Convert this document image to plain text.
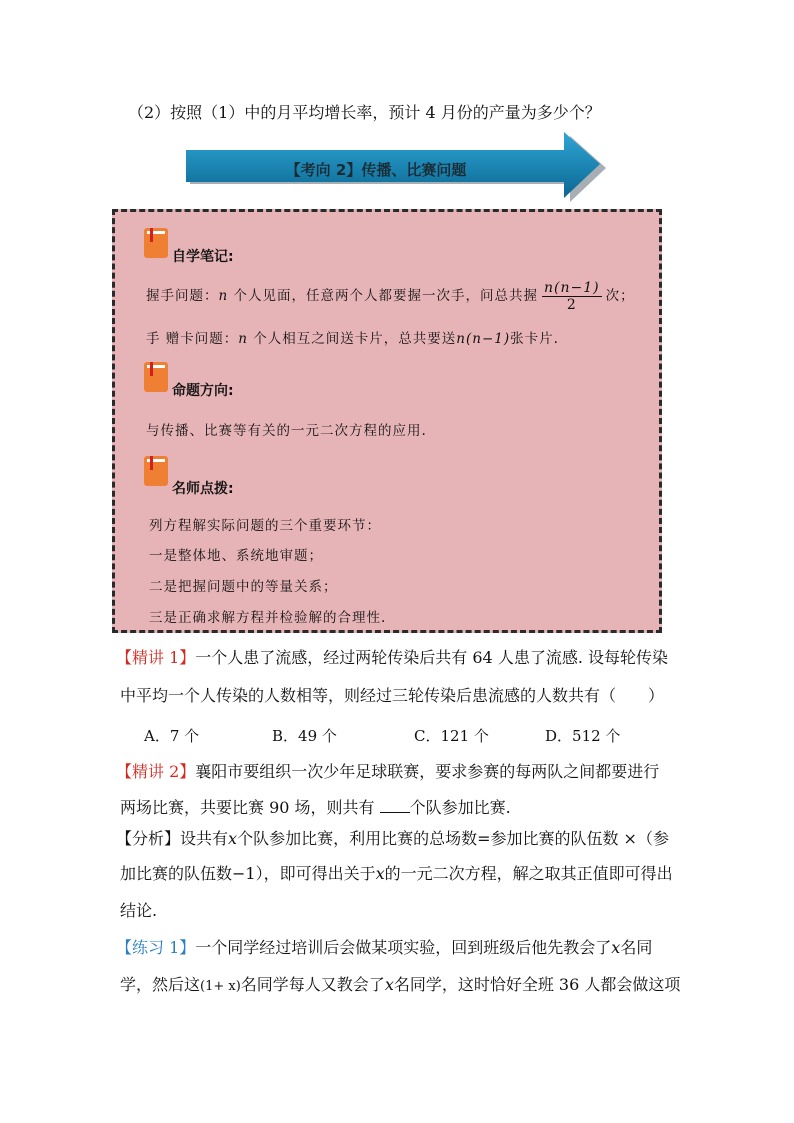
（2）按照（1）中的月平均增长率，预计 4 月份的产量为多少个？
【考向 2】传播、比赛问题
自学笔记:
握手问题：n 个人见面，任意两个人都要握一次手，问总共握 $\frac{n(n-1)}{2}$ 次；
手 赠卡问题：n 个人相互之间送卡片，总共要送n(n−1)张卡片.
命题方向:
与传播、比赛等有关的一元二次方程的应用.
名师点拨:
列方程解实际问题的三个重要环节：
一是整体地、系统地审题；
二是把握问题中的等量关系；
三是正确求解方程并检验解的合理性.
【精讲 1】一个人患了流感，经过两轮传染后共有 64 人患了流感. 设每轮传染
中平均一个人传染的人数相等，则经过三轮传染后患流感的人数共有（　　）
A．7 个	B．49 个	C．121 个	D．512 个
【精讲 2】襄阳市要组织一次少年足球联赛，要求参赛的每两队之间都要进行
两场比赛，共要比赛 90 场，则共有 个队参加比赛.
【分析】设共有x个队参加比赛，利用比赛的总场数=参加比赛的队伍数 ×（参
加比赛的队伍数−1），即可得出关于x的一元二次方程，解之取其正值即可得出
结论.
【练习 1】一个同学经过培训后会做某项实验，回到班级后他先教会了x名同
学，然后这(1+ x)名同学每人又教会了x名同学，这时恰好全班 36 人都会做这项
